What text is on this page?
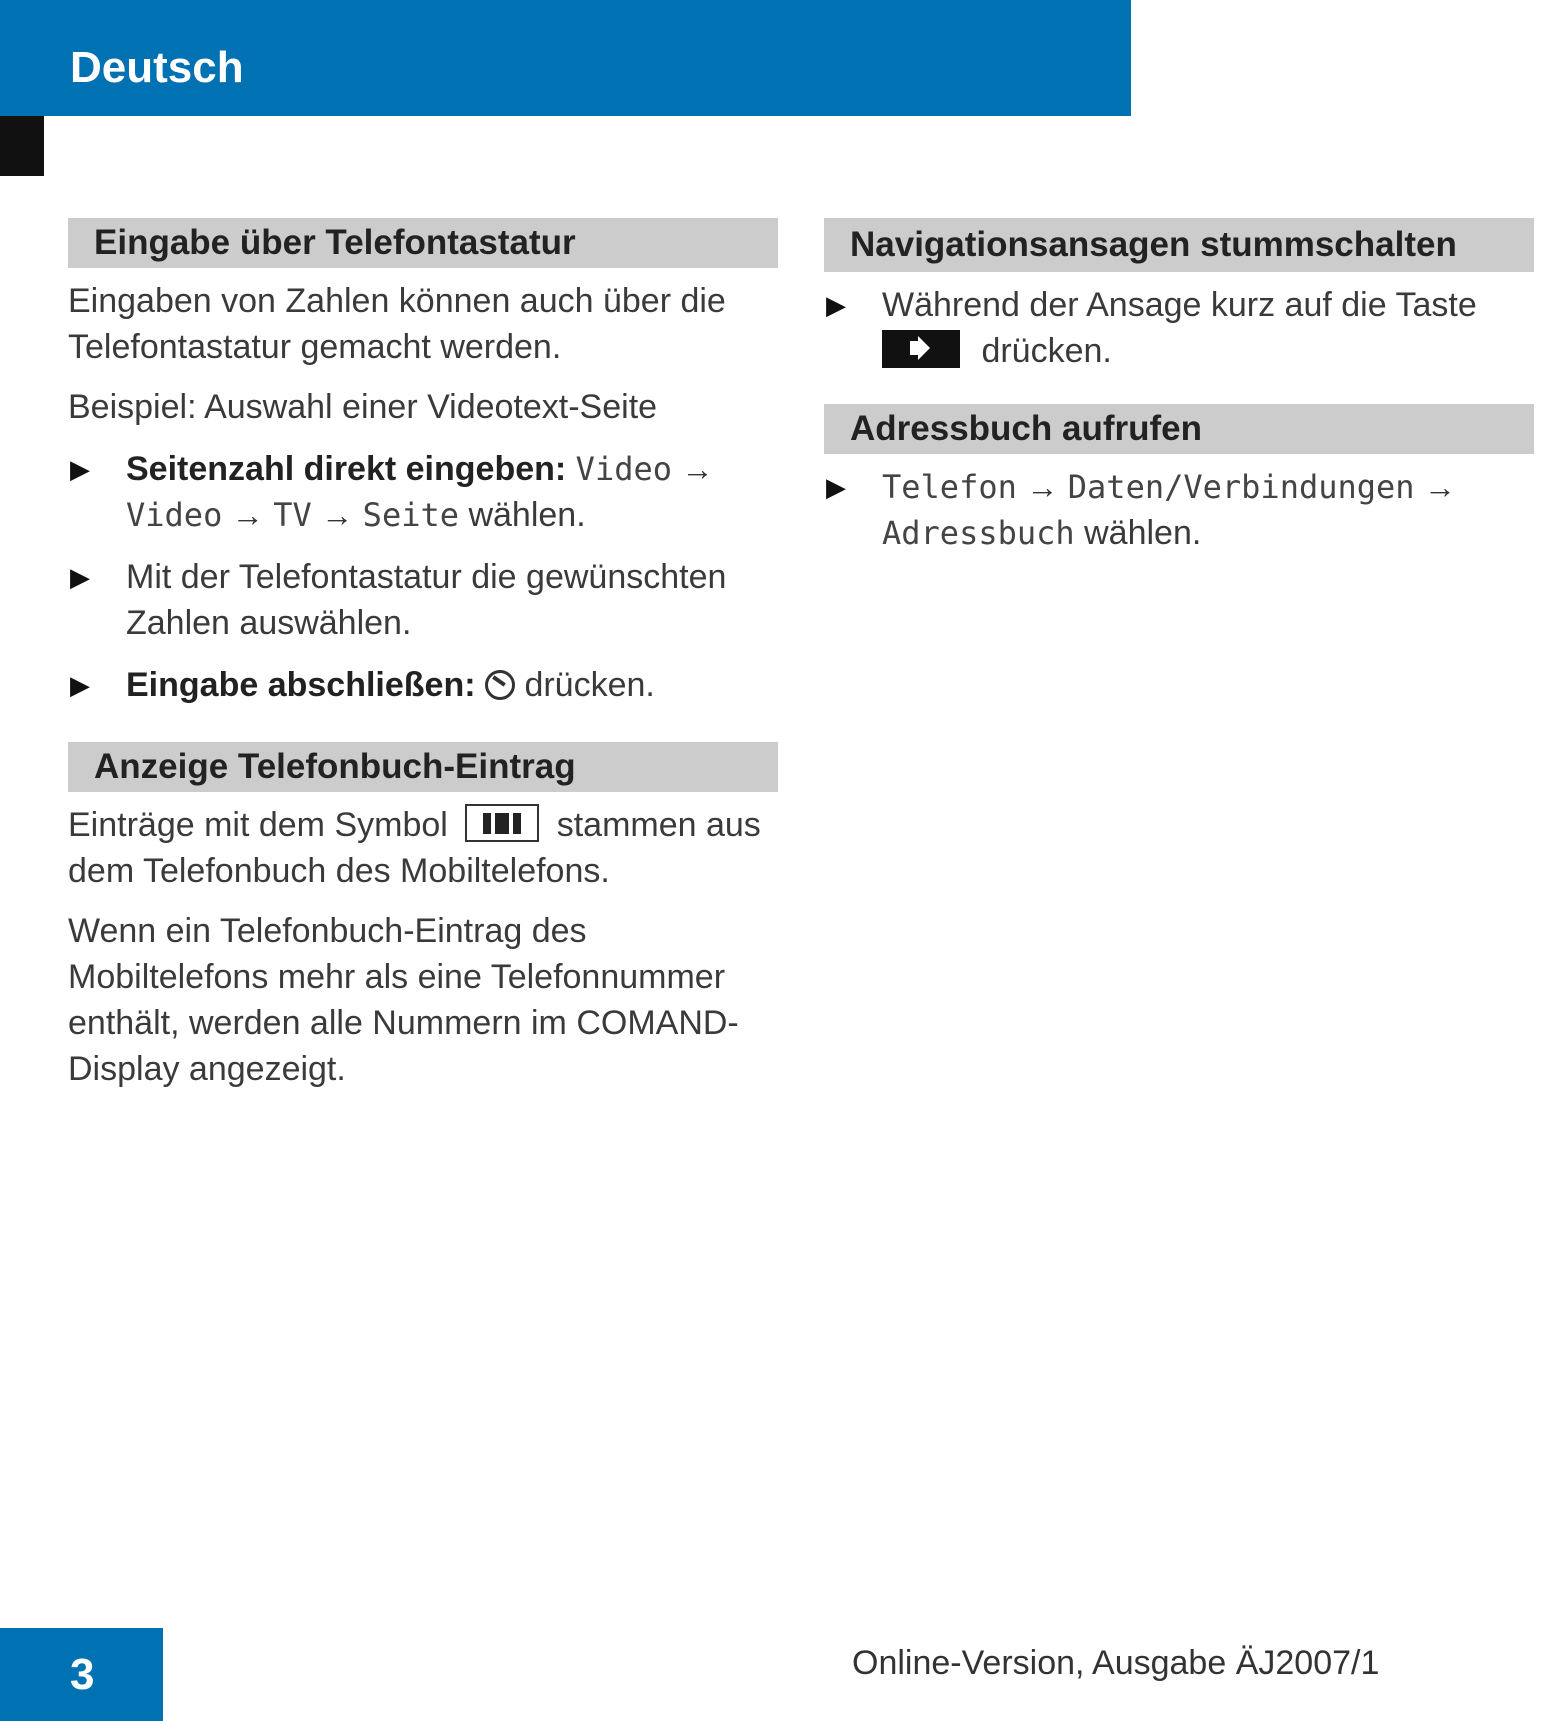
Deutsch
Eingabe über Telefontastatur

Eingaben von Zahlen können auch über die Telefontastatur gemacht werden.

Beispiel: Auswahl einer Videotext-Seite

▶ Seitenzahl direkt eingeben: Video → Video → TV → Seite wählen.
▶ Mit der Telefontastatur die gewünschten Zahlen auswählen.
▶ Eingabe abschließen: drücken.
Anzeige Telefonbuch-Eintrag

Einträge mit dem Symbol	stammen aus dem Telefonbuch des Mobiltelefons.

Wenn ein Telefonbuch-Eintrag des Mobiltelefons mehr als eine Telefonnummer enthält, werden alle Nummern im COMAND-Display angezeigt.

Navigationsansagen stummschalten
▶ Während der Ansage kurz auf die Taste  drücken.
Adressbuch aufrufen
▶ Telefon → Daten/Verbindungen → Adressbuch wählen.
3	Online-Version, Ausgabe ÄJ2007/1
